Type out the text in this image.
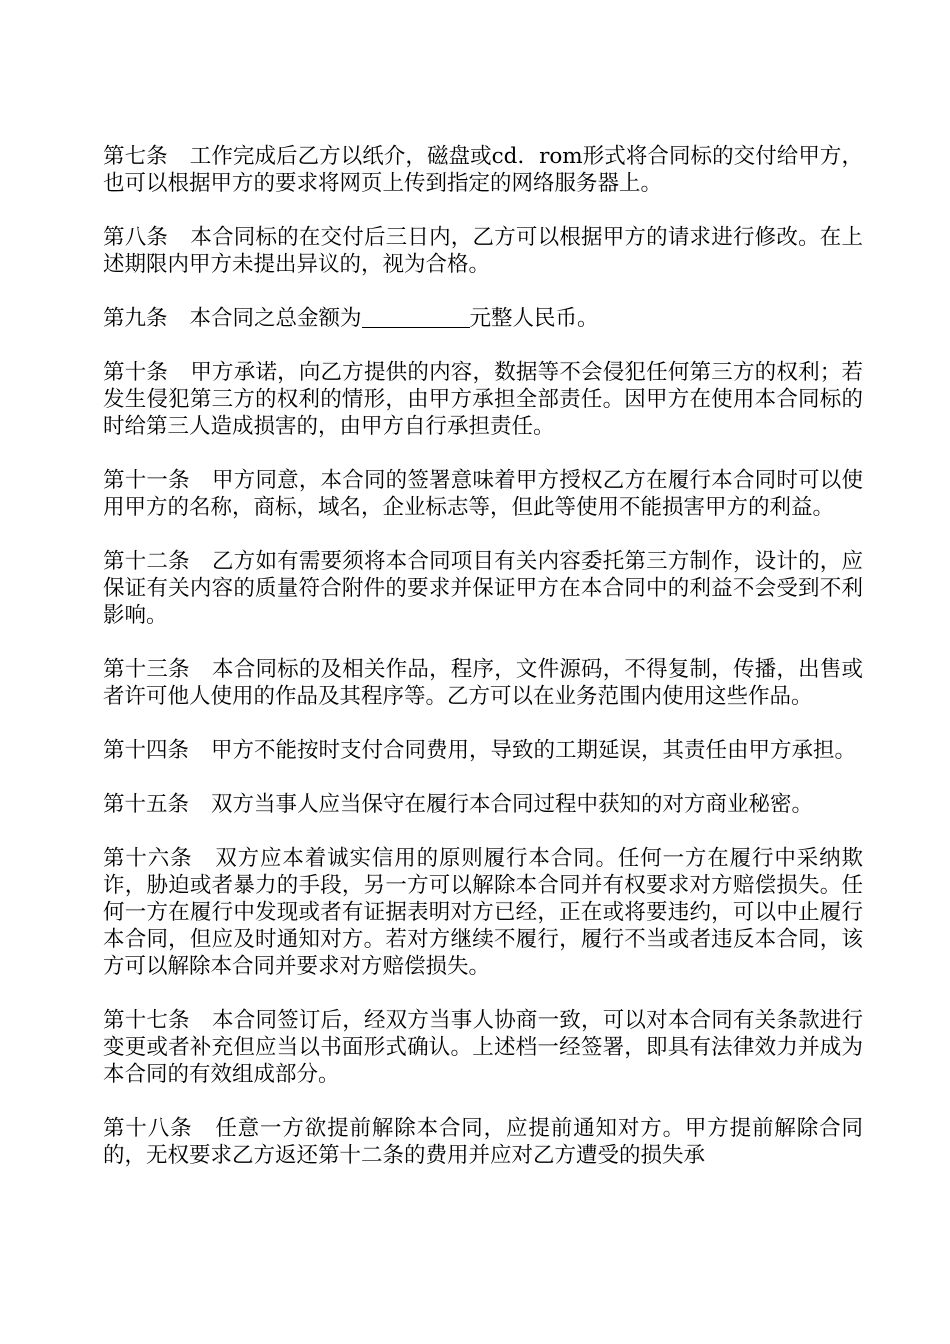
第七条 工作完成后乙方以纸介，磁盘或cd．rom形式将合同标的交付给甲方，也可以根据甲方的要求将网页上传到指定的网络服务器上。

第八条 本合同标的在交付后三日内，乙方可以根据甲方的请求进行修改。在上述期限内甲方未提出异议的，视为合格。

第九条 本合同之总金额为	元整人民币。

第十条 甲方承诺，向乙方提供的内容，数据等不会侵犯任何第三方的权利；若发生侵犯第三方的权利的情形，由甲方承担全部责任。因甲方在使用本合同标的时给第三人造成损害的，由甲方自行承担责任。

第十一条 甲方同意，本合同的签署意味着甲方授权乙方在履行本合同时可以使用甲方的名称，商标，域名，企业标志等，但此等使用不能损害甲方的利益。

第十二条 乙方如有需要须将本合同项目有关内容委托第三方制作，设计的，应保证有关内容的质量符合附件的要求并保证甲方在本合同中的利益不会受到不利影响。

第十三条 本合同标的及相关作品，程序，文件源码，不得复制，传播，出售或者许可他人使用的作品及其程序等。乙方可以在业务范围内使用这些作品。

第十四条 甲方不能按时支付合同费用，导致的工期延误，其责任由甲方承担。

第十五条 双方当事人应当保守在履行本合同过程中获知的对方商业秘密。

第十六条 双方应本着诚实信用的原则履行本合同。任何一方在履行中采纳欺诈，胁迫或者暴力的手段，另一方可以解除本合同并有权要求对方赔偿损失。任何一方在履行中发现或者有证据表明对方已经，正在或将要违约，可以中止履行本合同，但应及时通知对方。若对方继续不履行，履行不当或者违反本合同，该方可以解除本合同并要求对方赔偿损失。

第十七条 本合同签订后，经双方当事人协商一致，可以对本合同有关条款进行变更或者补充但应当以书面形式确认。上述档一经签署，即具有法律效力并成为本合同的有效组成部分。

第十八条 任意一方欲提前解除本合同，应提前通知对方。甲方提前解除合同的，无权要求乙方返还第十二条的费用并应对乙方遭受的损失承
